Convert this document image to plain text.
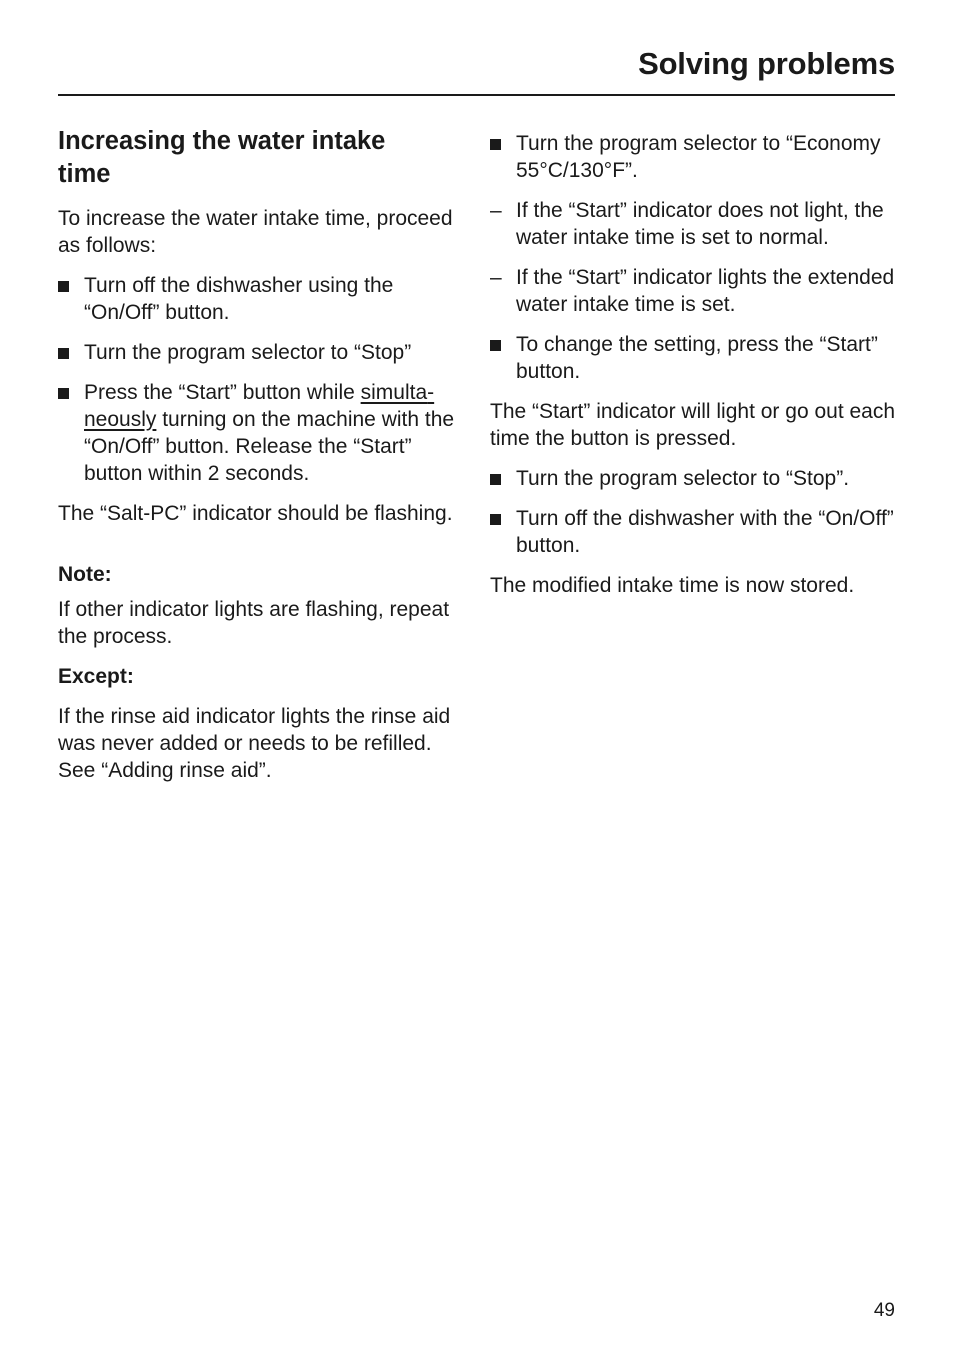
Solving problems
Increasing the water intake
time

To increase the water intake time, proceed as follows:

Turn off the dishwasher using the “On/Off” button.
Turn the program selector to “Stop”
Press the “Start” button while simultaneously turning on the machine with the “On/Off” button. Release the “Start” button within 2 seconds.

The “Salt-PC” indicator should be flashing.

Note:

If other indicator lights are flashing, repeat the process.

Except:

If the rinse aid indicator lights the rinse aid was never added or needs to be refilled. See “Adding rinse aid”.

Turn the program selector to “Economy 55°C/130°F”.
– If the “Start” indicator does not light, the water intake time is set to normal.
– If the “Start” indicator lights the extended water intake time is set.
To change the setting, press the “Start” button.

The “Start” indicator will light or go out each time the button is pressed.

Turn the program selector to “Stop”.
Turn off the dishwasher with the “On/Off” button.

The modified intake time is now stored.

49
